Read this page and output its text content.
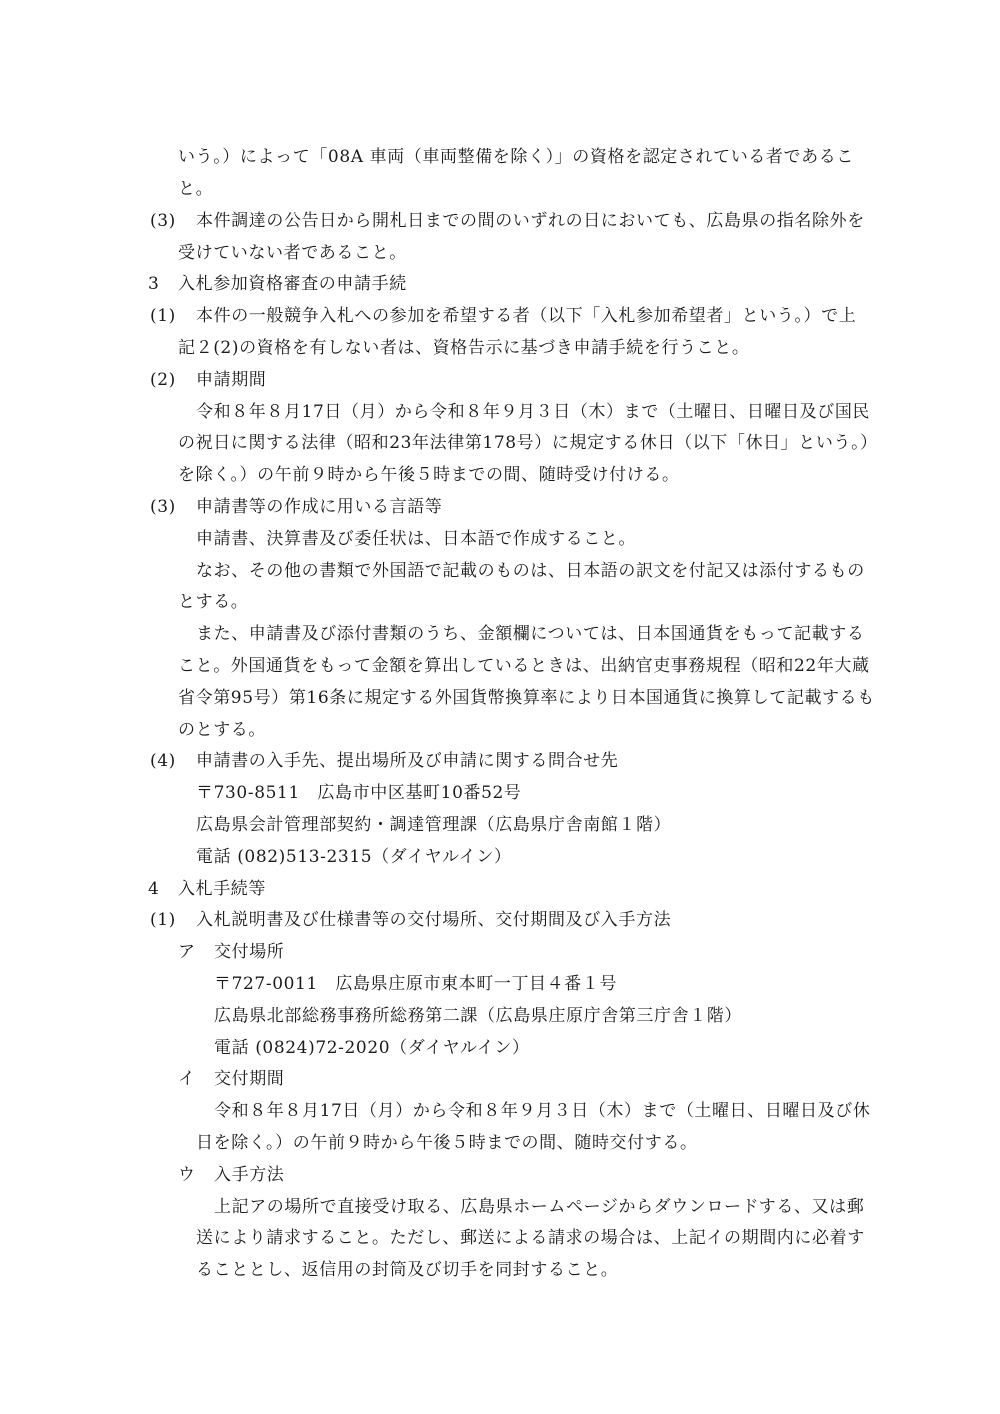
いう。）によって「08A 車両（車両整備を除く）」の資格を認定されている者であるこ
と。
(3) 本件調達の公告日から開札日までの間のいずれの日においても、広島県の指名除外を
受けていない者であること。
3 入札参加資格審査の申請手続
(1) 本件の一般競争入札への参加を希望する者（以下「入札参加希望者」という。）で上
記２(2)の資格を有しない者は、資格告示に基づき申請手続を行うこと。
(2) 申請期間
令和８年８月17日（月）から令和８年９月３日（木）まで（土曜日、日曜日及び国民
の祝日に関する法律（昭和23年法律第178号）に規定する休日（以下「休日」という。）
を除く。）の午前９時から午後５時までの間、随時受け付ける。
(3) 申請書等の作成に用いる言語等
申請書、決算書及び委任状は、日本語で作成すること。
なお、その他の書類で外国語で記載のものは、日本語の訳文を付記又は添付するもの
とする。
また、申請書及び添付書類のうち、金額欄については、日本国通貨をもって記載する
こと。外国通貨をもって金額を算出しているときは、出納官吏事務規程（昭和22年大蔵
省令第95号）第16条に規定する外国貨幣換算率により日本国通貨に換算して記載するも
のとする。
(4) 申請書の入手先、提出場所及び申請に関する問合せ先
〒730-8511　広島市中区基町10番52号
広島県会計管理部契約・調達管理課（広島県庁舎南館１階）
電話 (082)513-2315（ダイヤルイン）
4 入札手続等
(1) 入札説明書及び仕様書等の交付場所、交付期間及び入手方法
ア 交付場所
〒727-0011　広島県庄原市東本町一丁目４番１号
広島県北部総務事務所総務第二課（広島県庄原庁舎第三庁舎１階）
電話 (0824)72-2020（ダイヤルイン）
イ 交付期間
令和８年８月17日（月）から令和８年９月３日（木）まで（土曜日、日曜日及び休
日を除く。）の午前９時から午後５時までの間、随時交付する。
ウ 入手方法
上記アの場所で直接受け取る、広島県ホームページからダウンロードする、又は郵
送により請求すること。ただし、郵送による請求の場合は、上記イの期間内に必着す
ることとし、返信用の封筒及び切手を同封すること。
